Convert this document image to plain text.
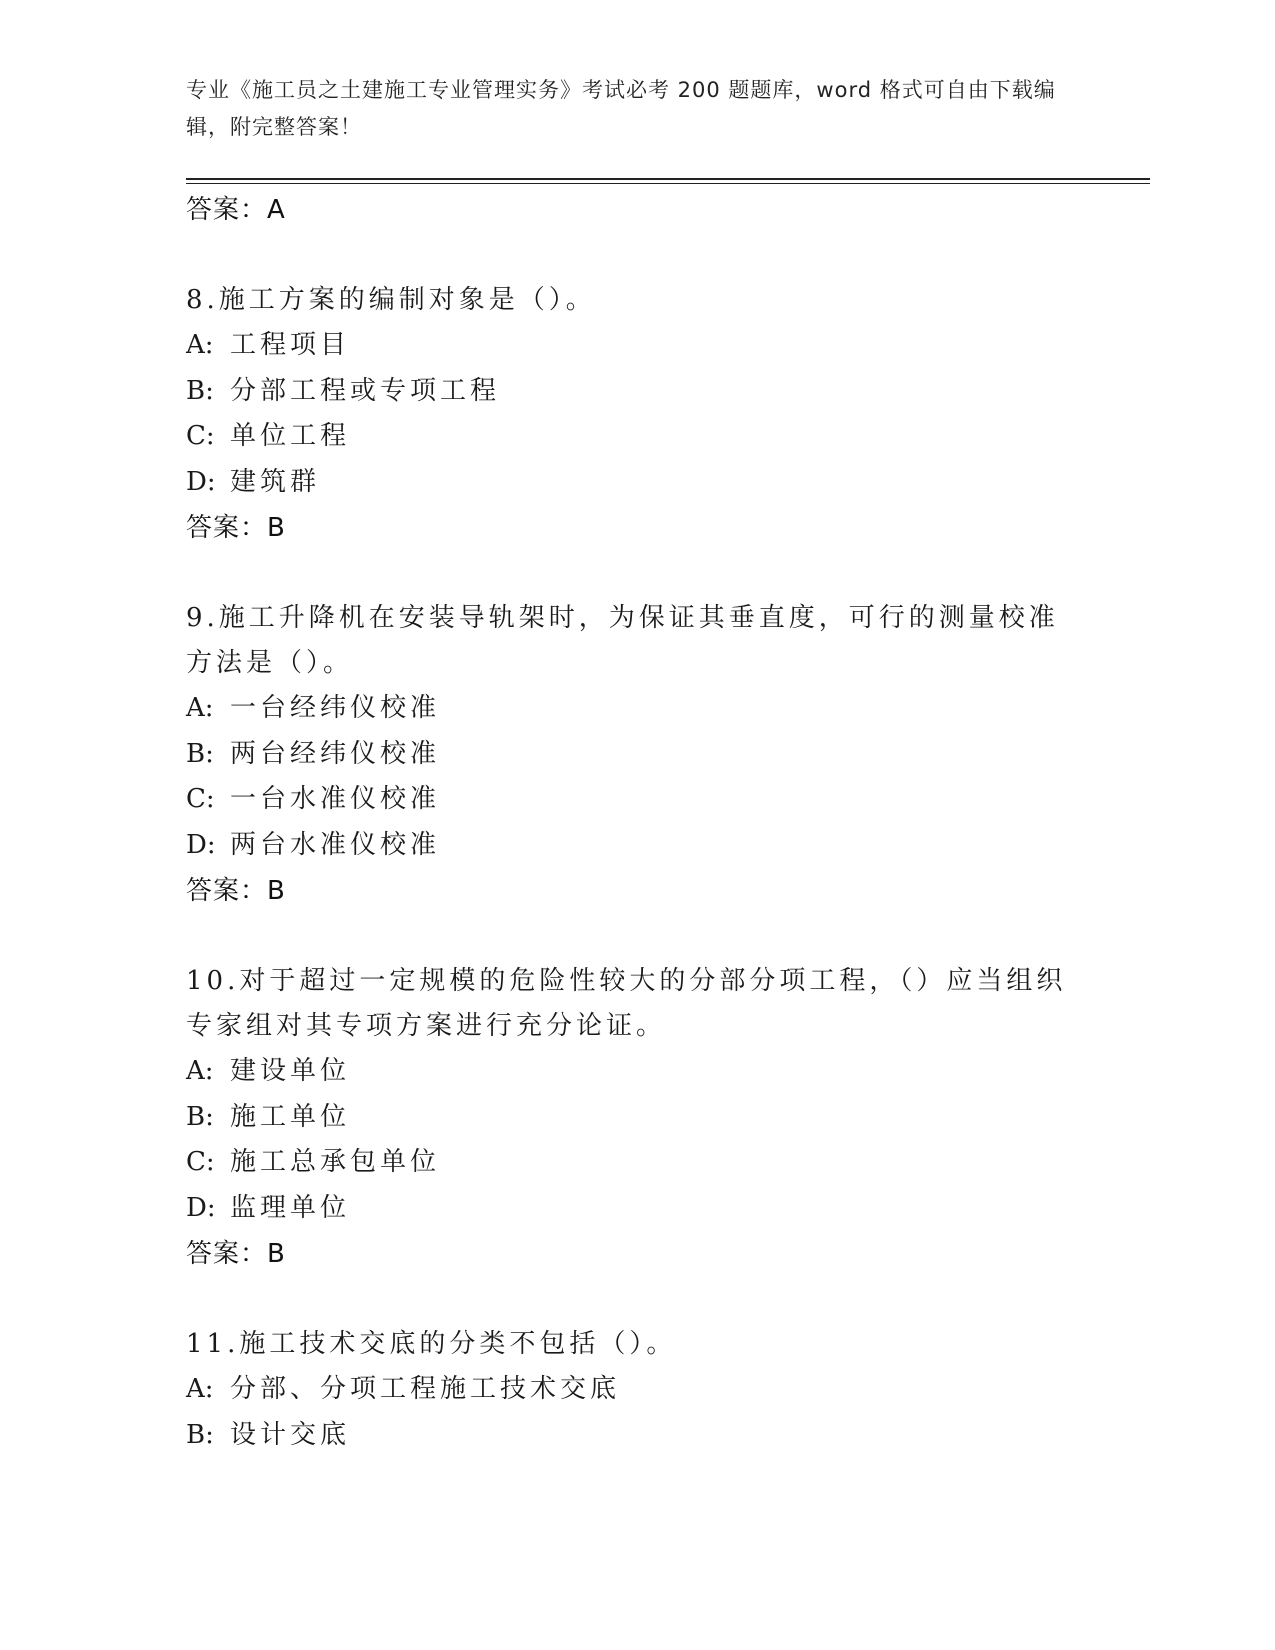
专业《施工员之土建施工专业管理实务》考试必考 200 题题库，word 格式可自由下载编辑，附完整答案！
答案：A
8.施工方案的编制对象是（）。
A: 工程项目
B: 分部工程或专项工程
C: 单位工程
D: 建筑群
答案：B
9.施工升降机在安装导轨架时，为保证其垂直度，可行的测量校准方法是（）。
A: 一台经纬仪校准
B: 两台经纬仪校准
C: 一台水准仪校准
D: 两台水准仪校准
答案：B
10.对于超过一定规模的危险性较大的分部分项工程，（）应当组织专家组对其专项方案进行充分论证。
A: 建设单位
B: 施工单位
C: 施工总承包单位
D: 监理单位
答案：B
11.施工技术交底的分类不包括（）。
A: 分部、分项工程施工技术交底
B: 设计交底
